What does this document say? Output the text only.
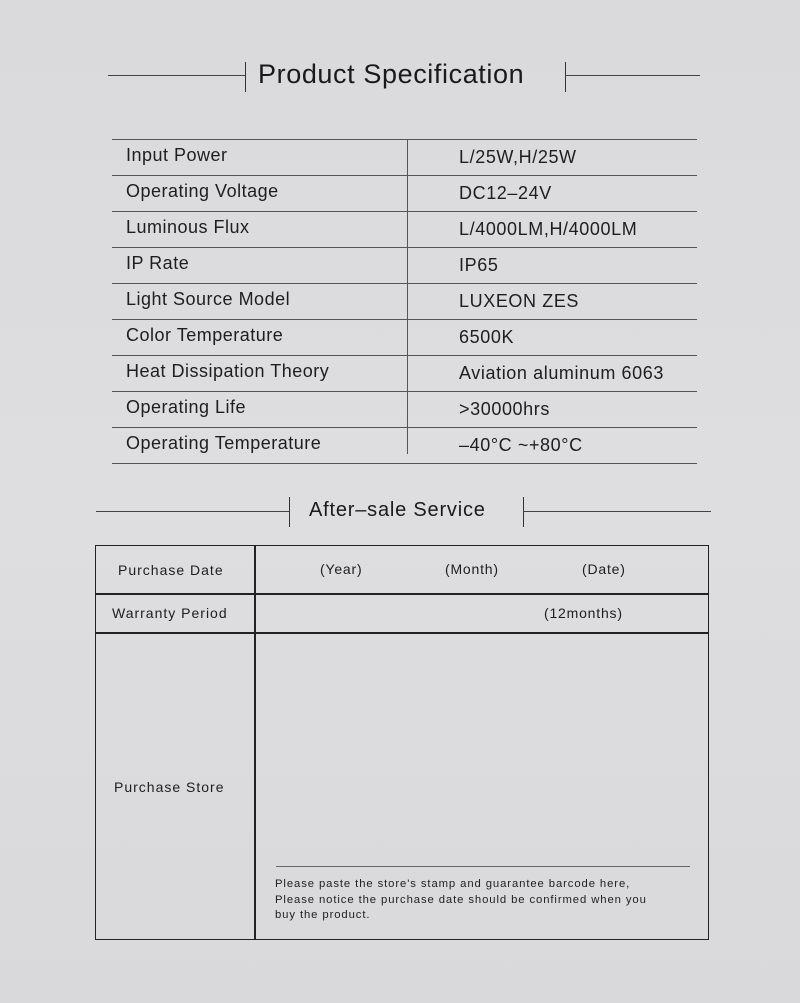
Product Specification
Input Power	L/25W,H/25W
Operating Voltage	DC12–24V
Luminous Flux	L/4000LM,H/4000LM
IP Rate	IP65
Light Source Model	LUXEON ZES
Color Temperature	6500K
Heat Dissipation Theory	Aviation aluminum 6063
Operating Life	>30000hrs
Operating Temperature	–40°C ~+80°C
After–sale Service
Purchase Date	(Year)	(Month)	(Date)
Warranty Period	(12months)
Purchase Store
Please paste the store's stamp and guarantee barcode here,
Please notice the purchase date should be confirmed when you
buy the product.
